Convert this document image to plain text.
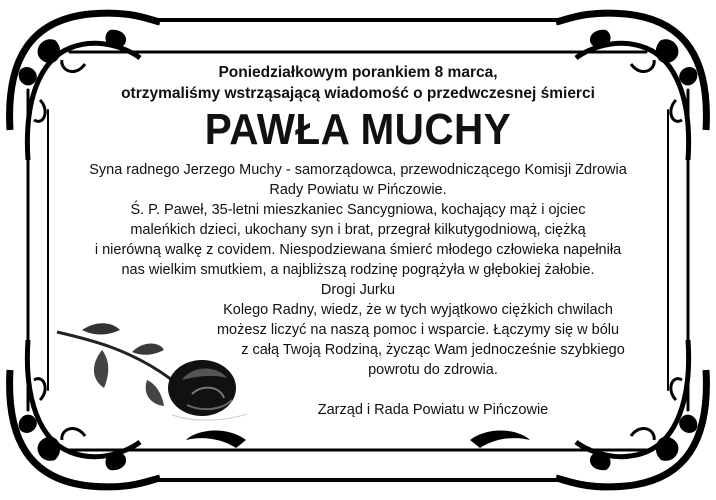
Poniedziałkowym porankiem 8 marca,
otrzymaliśmy wstrząsającą wiadomość o przedwczesnej śmierci
PAWŁA MUCHY
Syna radnego Jerzego Muchy - samorządowca, przewodniczącego Komisji Zdrowia
Rady Powiatu w Pińczowie.
Ś. P. Paweł, 35-letni mieszkaniec Sancygniowa, kochający mąż i ojciec
maleńkich dzieci, ukochany syn i brat, przegrał kilkutygodniową, ciężką
i nierówną walkę z covidem. Niespodziewana śmierć młodego człowieka napełniła
nas wielkim smutkiem, a najbliższą rodzinę pogrążyła w głębokiej żałobie.
Drogi Jurku
Kolego Radny, wiedz, że w tych wyjątkowo ciężkich chwilach
możesz liczyć na naszą pomoc i wsparcie. Łączymy się w bólu
z całą Twoją Rodziną, życząc Wam jednocześnie szybkiego
powrotu do zdrowia.
Zarząd i Rada Powiatu w Pińczowie
